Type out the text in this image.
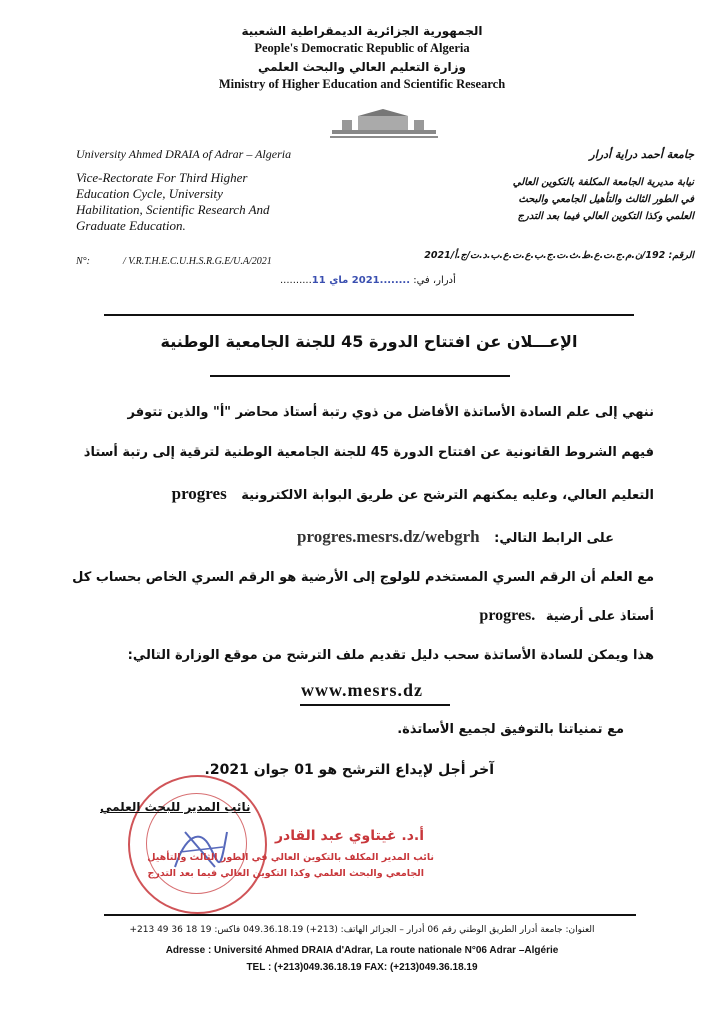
الجمهورية الجزائرية الديمقراطية الشعبية
People's Democratic Republic of Algeria
وزارة التعليم العالي والبحث العلمي
Ministry of Higher Education and Scientific Research
University Ahmed DRAIA of Adrar – Algeria
Vice-Rectorate For Third Higher
Education Cycle, University
Habilitation, Scientific Research And
Graduate Education.
N°:	/ V.R.T.H.E.C.U.H.S.R.G.E/U.A/2021
جامعة أحمد دراية أدرار
نيابة مديرية الجامعة المكلفة بالتكوين العالي
في الطور الثالث والتأهيل الجامعي والبحث
العلمي وكذا التكوين العالي فيما بعد التدرج
الرقم: 192/ن.م.ج.ت.ع.ط.ث.ت.ج.ب.ع.ت.ع.ب.د.ت/ج.أ/2021
أدرار، في: ........2021 ماي 11..........
الإعـــلان عن افتتاح الدورة 45 للجنة الجامعية الوطنية
ننهي إلى علم السادة الأساتذة الأفاضل من ذوي رتبة أستاذ محاضر "أ" والذين تتوفر
فيهم الشروط القانونية عن افتتاح الدورة 45 للجنة الجامعية الوطنية لترقية إلى رتبة أستاذ
التعليم العالي، وعليه يمكنهم الترشح عن طريق البوابة الالكترونية progres
على الرابط التالي: progres.mesrs.dz/webgrh
مع العلم أن الرقم السري المستخدم للولوج إلى الأرضية هو الرقم السري الخاص بحساب كل
أستاذ على أرضية progres.
هذا ويمكن للسادة الأساتذة سحب دليل تقديم ملف الترشح من موقع الوزارة التالي:
www.mesrs.dz
مع تمنياتنا بالتوفيق لجميع الأساتذة.
آخر أجل لإيداع الترشح هو 01 جوان 2021.
نائب المدير للبحث العلمي
أ.د. غيتاوي عبد القادر
نائب المدير المكلف بالتكوين العالي في الطور الثالث والتأهيل
الجامعي والبحث العلمي وكذا التكوين العالي فيما بعد التدرج
العنوان: جامعة أدرار الطريق الوطني رقم 06 أدرار – الجزائر الهاتف: (213+) 049.36.18.19 فاكس: 19 18 36 49 213+
Adresse : Université Ahmed DRAIA d'Adrar, La route nationale N°06 Adrar –Algérie
TEL : (+213)049.36.18.19 FAX: (+213)049.36.18.19
